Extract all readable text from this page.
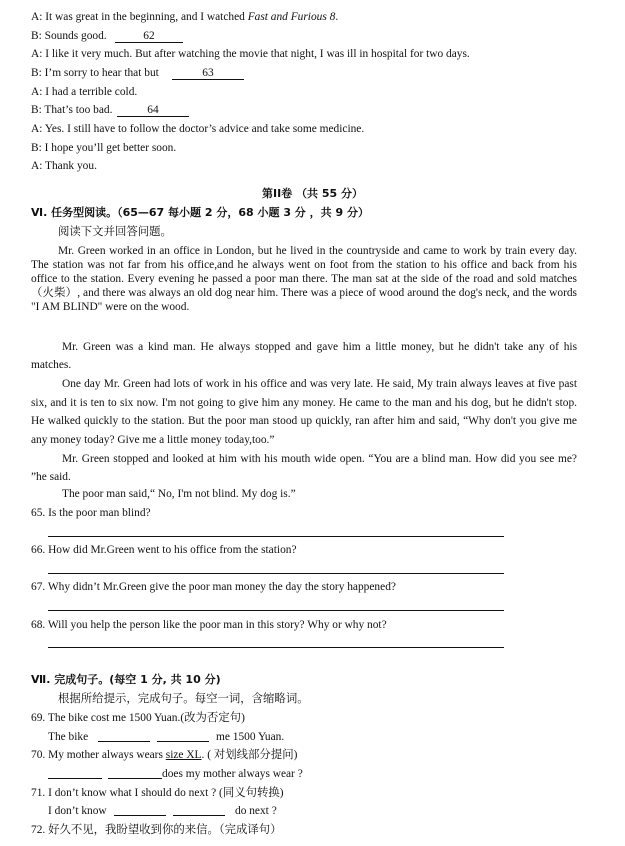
A: It was great in the beginning, and I watched Fast and Furious 8.
B: Sounds good.	62
A: I like it very much. But after watching the movie that night, I was ill in hospital for two days.
B: I’m sorry to hear that but	63
A: I had a terrible cold.
B: That’s too bad.	64
A: Yes. I still have to follow the doctor’s advice and take some medicine.
B: I hope you’ll get better soon.
A: Thank you.
第II卷 （共 55 分）
Ⅵ. 任务型阅读。（65—67 每小题 2 分，68 小题 3 分 ，共 9 分）
阅读下文并回答问题。
Mr. Green worked in an office in London, but he lived in the countryside and came to work by train every day. The station was not far from his office,and he always went on foot from the station to his office and back from his office to the station. Every evening he passed a poor man there. The man sat at the side of the road and sold matches（火柴）, and there was always an old dog near him. There was a piece of wood around the dog's neck, and the words "I AM BLIND" were on the wood.
Mr. Green was a kind man. He always stopped and gave him a little money, but he didn't take any of his matches.
One day Mr. Green had lots of work in his office and was very late. He said, My train always leaves at five past six, and it is ten to six now. I'm not going to give him any money. He came to the man and his dog, but he didn't stop. He walked quickly to the station. But the poor man stood up quickly, ran after him and said, “Why don't you give me any money today? Give me a little money today,too.”
Mr. Green stopped and looked at him with his mouth wide open. “You are a blind man. How did you see me? ”he said.
The poor man said,“ No, I'm not blind. My dog is.”
65. Is the poor man blind?
66. How did Mr.Green went to his office from the station?
67. Why didn’t Mr.Green give the poor man money the day the story happened?
68. Will you help the person like the poor man in this story? Why or why not?
Ⅶ. 完成句子。(每空 1 分, 共 10 分)
根据所给提示，完成句子。每空一词，含缩略词。
69. The bike cost me 1500 Yuan.(改为否定句)
The bike	me 1500 Yuan.
70. My mother always wears size XL. ( 对划线部分提问)
does my mother always wear ?
71. I don’t know what I should do next ? (同义句转换)
I don’t know	do next ?
72. 好久不见，我盼望收到你的来信。（完成译句）
